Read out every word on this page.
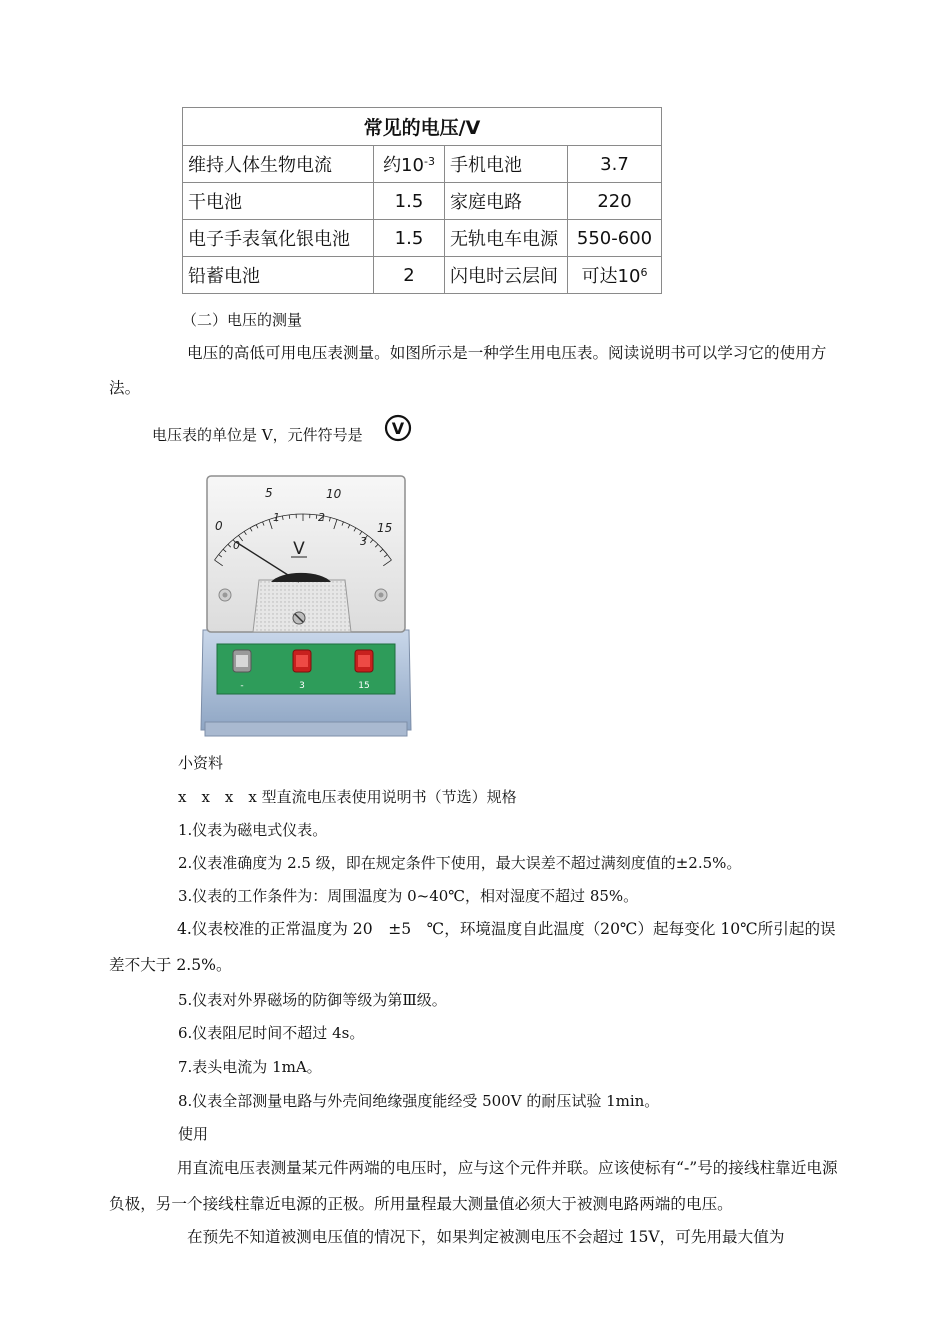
常见的电压/V			
维持人体生物电流	约$10^{-3}$	手机电池	3.7
干电池	1.5	家庭电路	220
电子手表氧化银电池	1.5	无轨电车电源	550-600
铅蓄电池	2	闪电时云层间	可达$10^6$
（二）电压的测量
电压的高低可用电压表测量。如图所示是一种学生用电压表。阅读说明书可以学习它的使用方法。
电压表的单位是 V，元件符号是 V
-	3	15
0
5	10
15
0
1	2
3
V
小资料
x　x　x　x 型直流电压表使用说明书（节选）规格
1.仪表为磁电式仪表。
2.仪表准确度为 2.5 级，即在规定条件下使用，最大误差不超过满刻度值的±2.5%。
3.仪表的工作条件为：周围温度为 0~40℃，相对湿度不超过 85%。
4.仪表校准的正常温度为 20　±5　℃，环境温度自此温度（20℃）起每变化 10℃所引起的误差不大于 2.5%。
5.仪表对外界磁场的防御等级为第Ⅲ级。
6.仪表阻尼时间不超过 4s。
7.表头电流为 1mA。
8.仪表全部测量电路与外壳间绝缘强度能经受 500V 的耐压试验 1min。
使用
用直流电压表测量某元件两端的电压时，应与这个元件并联。应该使标有“-”号的接线柱靠近电源负极，另一个接线柱靠近电源的正极。所用量程最大测量值必须大于被测电路两端的电压。
在预先不知道被测电压值的情况下，如果判定被测电压不会超过 15V，可先用最大值为
